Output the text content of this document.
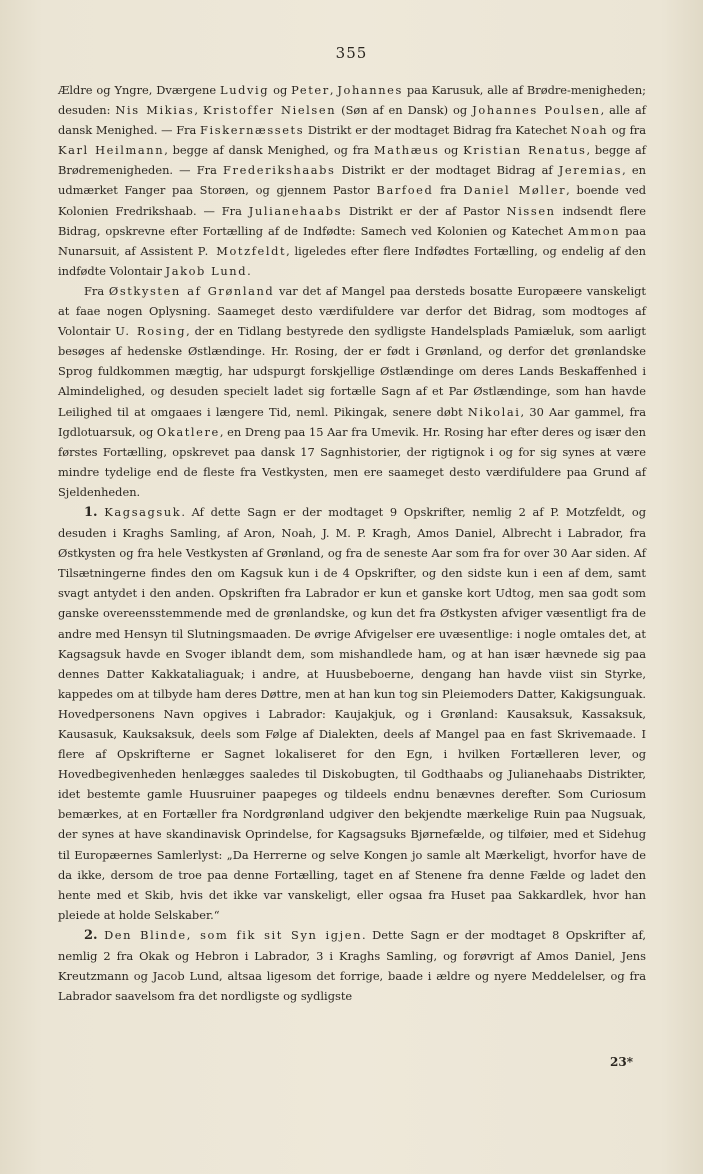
355

Ældre og Yngre, Dværgene Ludvig og Peter, Johannes paa Karusuk, alle af Brødre-menigheden; desuden: Nis Mikias, Kristoffer Nielsen (Søn af en Dansk) og Johannes Poulsen, alle af dansk Menighed. — Fra Fiskernæssets Distrikt er der modtaget Bidrag fra Katechet Noah og fra Karl Heilmann, begge af dansk Menighed, og fra Mathæus og Kristian Renatus, begge af Brødremenigheden. — Fra Frederikshaabs Distrikt er der modtaget Bidrag af Jeremias, en udmærket Fanger paa Storøen, og gjennem Pastor Barfoed fra Daniel Møller, boende ved Kolonien Fredrikshaab. — Fra Julianehaabs Distrikt er der af Pastor Nissen indsendt flere Bidrag, opskrevne efter Fortælling af de Indfødte: Samech ved Kolonien og Katechet Ammon paa Nunarsuit, af Assistent P. Motzfeldt, ligeledes efter flere Indfødtes Fortælling, og endelig af den indfødte Volontair Jakob Lund.

Fra Østkysten af Grønland var det af Mangel paa dersteds bosatte Europæere vanskeligt at faae nogen Oplysning. Saameget desto værdifuldere var derfor det Bidrag, som modtoges af Volontair U. Rosing, der en Tidlang bestyrede den sydligste Handelsplads Pamiæluk, som aarligt besøges af hedenske Østlændinge. Hr. Rosing, der er født i Grønland, og derfor det grønlandske Sprog fuldkommen mægtig, har udspurgt forskjellige Østlændinge om deres Lands Beskaffenhed i Almindelighed, og desuden specielt ladet sig fortælle Sagn af et Par Østlændinge, som han havde Leilighed til at omgaaes i længere Tid, neml. Pikingak, senere døbt Nikolai, 30 Aar gammel, fra Igdlotuarsuk, og Okatlere, en Dreng paa 15 Aar fra Umevik. Hr. Rosing har efter deres og især den førstes Fortælling, opskrevet paa dansk 17 Sagnhistorier, der rigtignok i og for sig synes at være mindre tydelige end de fleste fra Vestkysten, men ere saameget desto værdifuldere paa Grund af Sjeldenheden.

1. Kagsagsuk. Af dette Sagn er der modtaget 9 Opskrifter, nemlig 2 af P. Motzfeldt, og desuden i Kraghs Samling, af Aron, Noah, J. M. P. Kragh, Amos Daniel, Albrecht i Labrador, fra Østkysten og fra hele Vestkysten af Grønland, og fra de seneste Aar som fra for over 30 Aar siden. Af Tilsætningerne findes den om Kagsuk kun i de 4 Opskrifter, og den sidste kun i een af dem, samt svagt antydet i den anden. Opskriften fra Labrador er kun et ganske kort Udtog, men saa godt som ganske overeensstemmende med de grønlandske, og kun det fra Østkysten afviger væsentligt fra de andre med Hensyn til Slutningsmaaden. De øvrige Afvigelser ere uvæsentlige: i nogle omtales det, at Kagsagsuk havde en Svoger iblandt dem, som mishandlede ham, og at han især hævnede sig paa dennes Datter Kakkataliaguak; i andre, at Huusbeboerne, dengang han havde viist sin Styrke, kappedes om at tilbyde ham deres Døttre, men at han kun tog sin Pleiemoders Datter, Kakigsunguak. Hovedpersonens Navn opgives i Labrador: Kaujakjuk, og i Grønland: Kausaksuk, Kassaksuk, Kausasuk, Kauksaksuk, deels som Følge af Dialekten, deels af Mangel paa en fast Skrivemaade. I flere af Opskrifterne er Sagnet lokaliseret for den Egn, i hvilken Fortælleren lever, og Hovedbegivenheden henlægges saaledes til Diskobugten, til Godthaabs og Julianehaabs Distrikter, idet bestemte gamle Huusruiner paapeges og tildeels endnu benævnes derefter. Som Curiosum bemærkes, at en Fortæller fra Nordgrønland udgiver den bekjendte mærkelige Ruin paa Nugsuak, der synes at have skandinavisk Oprindelse, for Kagsagsuks Bjørnefælde, og tilføier, med et Sidehug til Europæernes Samlerlyst: „Da Herrerne og selve Kongen jo samle alt Mærkeligt, hvorfor have de da ikke, dersom de troe paa denne Fortælling, taget en af Stenene fra denne Fælde og ladet den hente med et Skib, hvis det ikke var vanskeligt, eller ogsaa fra Huset paa Sakkardlek, hvor han pleiede at holde Selskaber.“

2. Den Blinde, som fik sit Syn igjen. Dette Sagn er der modtaget 8 Opskrifter af, nemlig 2 fra Okak og Hebron i Labrador, 3 i Kraghs Samling, og forøvrigt af Amos Daniel, Jens Kreutzmann og Jacob Lund, altsaa ligesom det forrige, baade i ældre og nyere Meddelelser, og fra Labrador saavelsom fra det nordligste og sydligste

23*
